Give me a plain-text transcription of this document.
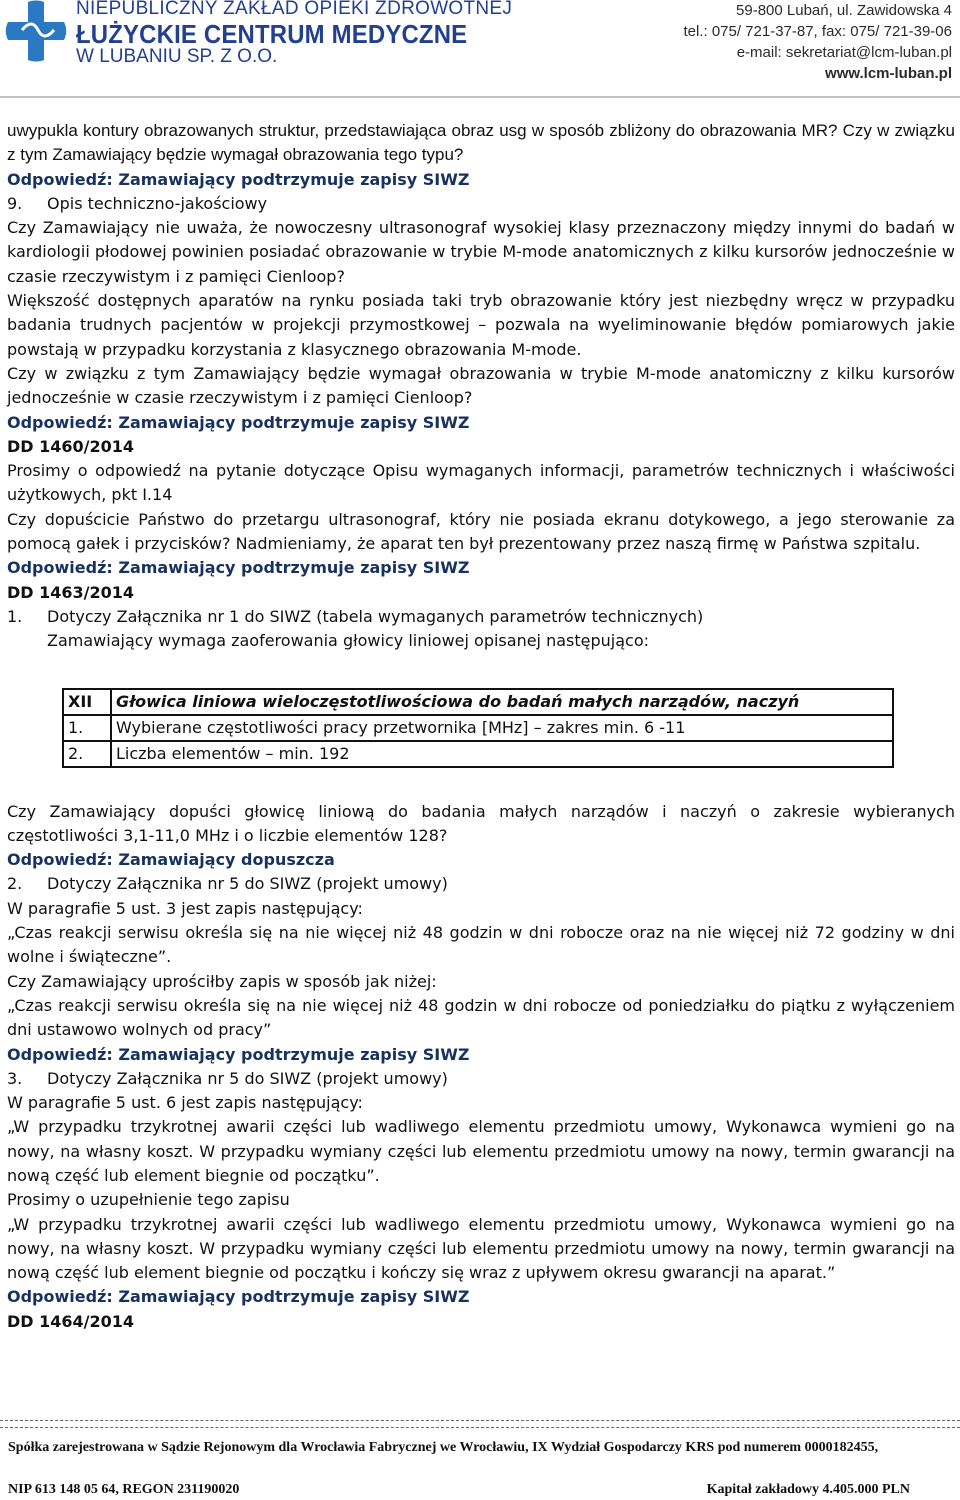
NIEPUBLICZNY ZAKŁAD OPIEKI ZDROWOTNEJ
ŁUŻYCKIE CENTRUM MEDYCZNE
W LUBANIU SP. Z O.O.
59-800 Lubań, ul. Zawidowska 4
tel.: 075/ 721-37-87, fax: 075/ 721-39-06
e-mail: sekretariat@lcm-luban.pl
www.lcm-luban.pl

uwypukla kontury obrazowanych struktur, przedstawiająca obraz usg w sposób zbliżony do obrazowania MR? Czy w związku z tym Zamawiający będzie wymagał obrazowania tego typu?

Odpowiedź: Zamawiający podtrzymuje zapisy SIWZ

9. Opis techniczno-jakościowy

Czy Zamawiający nie uważa, że nowoczesny ultrasonograf wysokiej klasy przeznaczony między innymi do badań w kardiologii płodowej powinien posiadać obrazowanie w trybie M-mode anatomicznych z kilku kursorów jednocześnie w czasie rzeczywistym i z pamięci Cienloop?

Większość dostępnych aparatów na rynku posiada taki tryb obrazowanie który jest niezbędny wręcz w przypadku badania trudnych pacjentów w projekcji przymostkowej – pozwala na wyeliminowanie błędów pomiarowych jakie powstają w przypadku korzystania z klasycznego obrazowania M-mode.

Czy w związku z tym Zamawiający będzie wymagał obrazowania w trybie M-mode anatomiczny z kilku kursorów jednocześnie w czasie rzeczywistym i z pamięci Cienloop?

Odpowiedź: Zamawiający podtrzymuje zapisy SIWZ

DD 1460/2014

Prosimy o odpowiedź na pytanie dotyczące Opisu wymaganych informacji, parametrów technicznych i właściwości użytkowych, pkt I.14

Czy dopuścicie Państwo do przetargu ultrasonograf, który nie posiada ekranu dotykowego, a jego sterowanie za pomocą gałek i przycisków? Nadmieniamy, że aparat ten był prezentowany przez naszą firmę w Państwa szpitalu.

Odpowiedź: Zamawiający podtrzymuje zapisy SIWZ

DD 1463/2014

1. Dotyczy Załącznika nr 1 do SIWZ (tabela wymaganych parametrów technicznych)

Zamawiający wymaga zaoferowania głowicy liniowej opisanej następująco:

XII	Głowica liniowa wieloczęstotliwościowa do badań małych narządów, naczyń
1.	Wybierane częstotliwości pracy przetwornika [MHz] – zakres min. 6 -11
2.	Liczba elementów – min. 192

Czy Zamawiający dopuści głowicę liniową do badania małych narządów i naczyń o zakresie wybieranych częstotliwości 3,1-11,0 MHz i o liczbie elementów 128?

Odpowiedź: Zamawiający dopuszcza

2. Dotyczy Załącznika nr 5 do SIWZ (projekt umowy)

W paragrafie 5 ust. 3 jest zapis następujący:

„Czas reakcji serwisu określa się na nie więcej niż 48 godzin w dni robocze oraz na nie więcej niż 72 godziny w dni wolne i świąteczne”.

Czy Zamawiający uprościłby zapis w sposób jak niżej:

„Czas reakcji serwisu określa się na nie więcej niż 48 godzin w dni robocze od poniedziałku do piątku z wyłączeniem dni ustawowo wolnych od pracy”

Odpowiedź: Zamawiający podtrzymuje zapisy SIWZ

3. Dotyczy Załącznika nr 5 do SIWZ (projekt umowy)

W paragrafie 5 ust. 6 jest zapis następujący:

„W przypadku trzykrotnej awarii części lub wadliwego elementu przedmiotu umowy, Wykonawca wymieni go na nowy, na własny koszt. W przypadku wymiany części lub elementu przedmiotu umowy na nowy, termin gwarancji na nową część lub element biegnie od początku”.

Prosimy o uzupełnienie tego zapisu

„W przypadku trzykrotnej awarii części lub wadliwego elementu przedmiotu umowy, Wykonawca wymieni go na nowy, na własny koszt. W przypadku wymiany części lub elementu przedmiotu umowy na nowy, termin gwarancji na nową część lub element biegnie od początku i kończy się wraz z upływem okresu gwarancji na aparat.”

Odpowiedź: Zamawiający podtrzymuje zapisy SIWZ

DD 1464/2014

Spółka zarejestrowana w Sądzie Rejonowym dla Wrocławia Fabrycznej we Wrocławiu, IX Wydział Gospodarczy KRS pod numerem 0000182455,
NIP 613 148 05 64, REGON 231190020	Kapitał zakładowy 4.405.000 PLN
